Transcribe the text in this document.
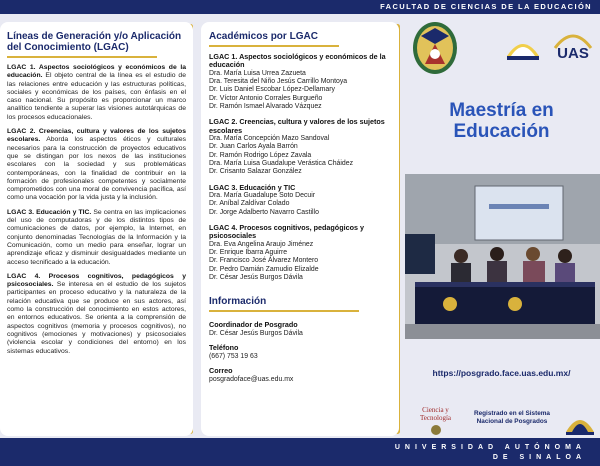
FACULTAD DE CIENCIAS DE LA EDUCACIÓN
Líneas de Generación y/o Aplicación del Conocimiento (LGAC)
LGAC 1. Aspectos sociológicos y económicos de la educación. El objeto central de la línea es el estudio de las relaciones entre educación y las estructuras políticas, sociales y económicas de los países, con énfasis en el caso nacional. Su propósito es proporcionar un marco analítico tendiente a superar las visiones autotárquicas de los procesos educacionales.
LGAC 2. Creencias, cultura y valores de los sujetos escolares. Aborda los aspectos éticos y culturales necesarios para la construcción de proyectos educativos que se distingan por los nexos de las instituciones escolares con la sociedad y sus problemáticas contemporáneas, con la finalidad de contribuir en la formación de profesionales competentes y socialmente comprometidos con una moral de convivencia pacífica, así como una vocación por la vida justa y la inclusión.
LGAC 3. Educación y TIC. Se centra en las implicaciones del uso de computadoras y de los distintos tipos de comunicaciones de datos, por ejemplo, la Internet, en conjunto denominadas Tecnologías de la Información y la Comunicación, como un medio para enseñar, lograr un aprendizaje eficaz y disminuir desigualdades mediante un acceso tecnificado a la educación.
LGAC 4. Procesos cognitivos, pedagógicos y psicosociales. Se interesa en el estudio de los sujetos participantes en proceso educativo y la naturaleza de la relación educativa que se produce en sus actores, así como la construcción del conocimiento en estos actores, en entornos educativos. Se orienta a la comprensión de aspectos cognitivos (memoria y procesos cognitivos), no cognitivos (emociones y motivaciones) y psicosociales (violencia escolar y condiciones del entorno) en los sistemas educativos.
Académicos por LGAC
LGAC 1. Aspectos sociológicos y económicos de la educación
Dra. María Luisa Urrea Zazueta
Dra. Teresita del Niño Jesús Carrillo Montoya
Dr. Luis Daniel Escobar López-Dellamary
Dr. Víctor Antonio Corrales Burgueño
Dr. Ramón Ismael Alvarado Vázquez
LGAC 2. Creencias, cultura y valores de los sujetos escolares
Dra. María Concepción Mazo Sandoval
Dr. Juan Carlos Ayala Barrón
Dr. Ramón Rodrigo López Zavala
Dra. María Luisa Guadalupe Verástica Cháidez
Dr. Crisanto Salazar González
LGAC 3. Educación y TIC
Dra. María Guadalupe Soto Decuir
Dr. Aníbal Zaldívar Colado
Dr. Jorge Adalberto Navarro Castillo
LGAC 4. Procesos cognitivos, pedagógicos y psicosociales
Dra. Eva Angelina Araujo Jiménez
Dr. Enrique Ibarra Aguirre
Dr. Francisco José Álvarez Montero
Dr. Pedro Damián Zamudio Elizalde
Dr. César Jesús Burgos Dávila
Información
Coordinador de Posgrado
Dr. César Jesús Burgos Dávila
Teléfono
(667) 753 19 63
Correo
posgradoface@uas.edu.mx
UAS
Maestría en
Educación
https://posgrado.face.uas.edu.mx/
Ciencia y
Tecnología
Registrado en el Sistema Nacional de Posgrados
UNIVERSIDAD AUTÓNOMA
DE SINALOA
